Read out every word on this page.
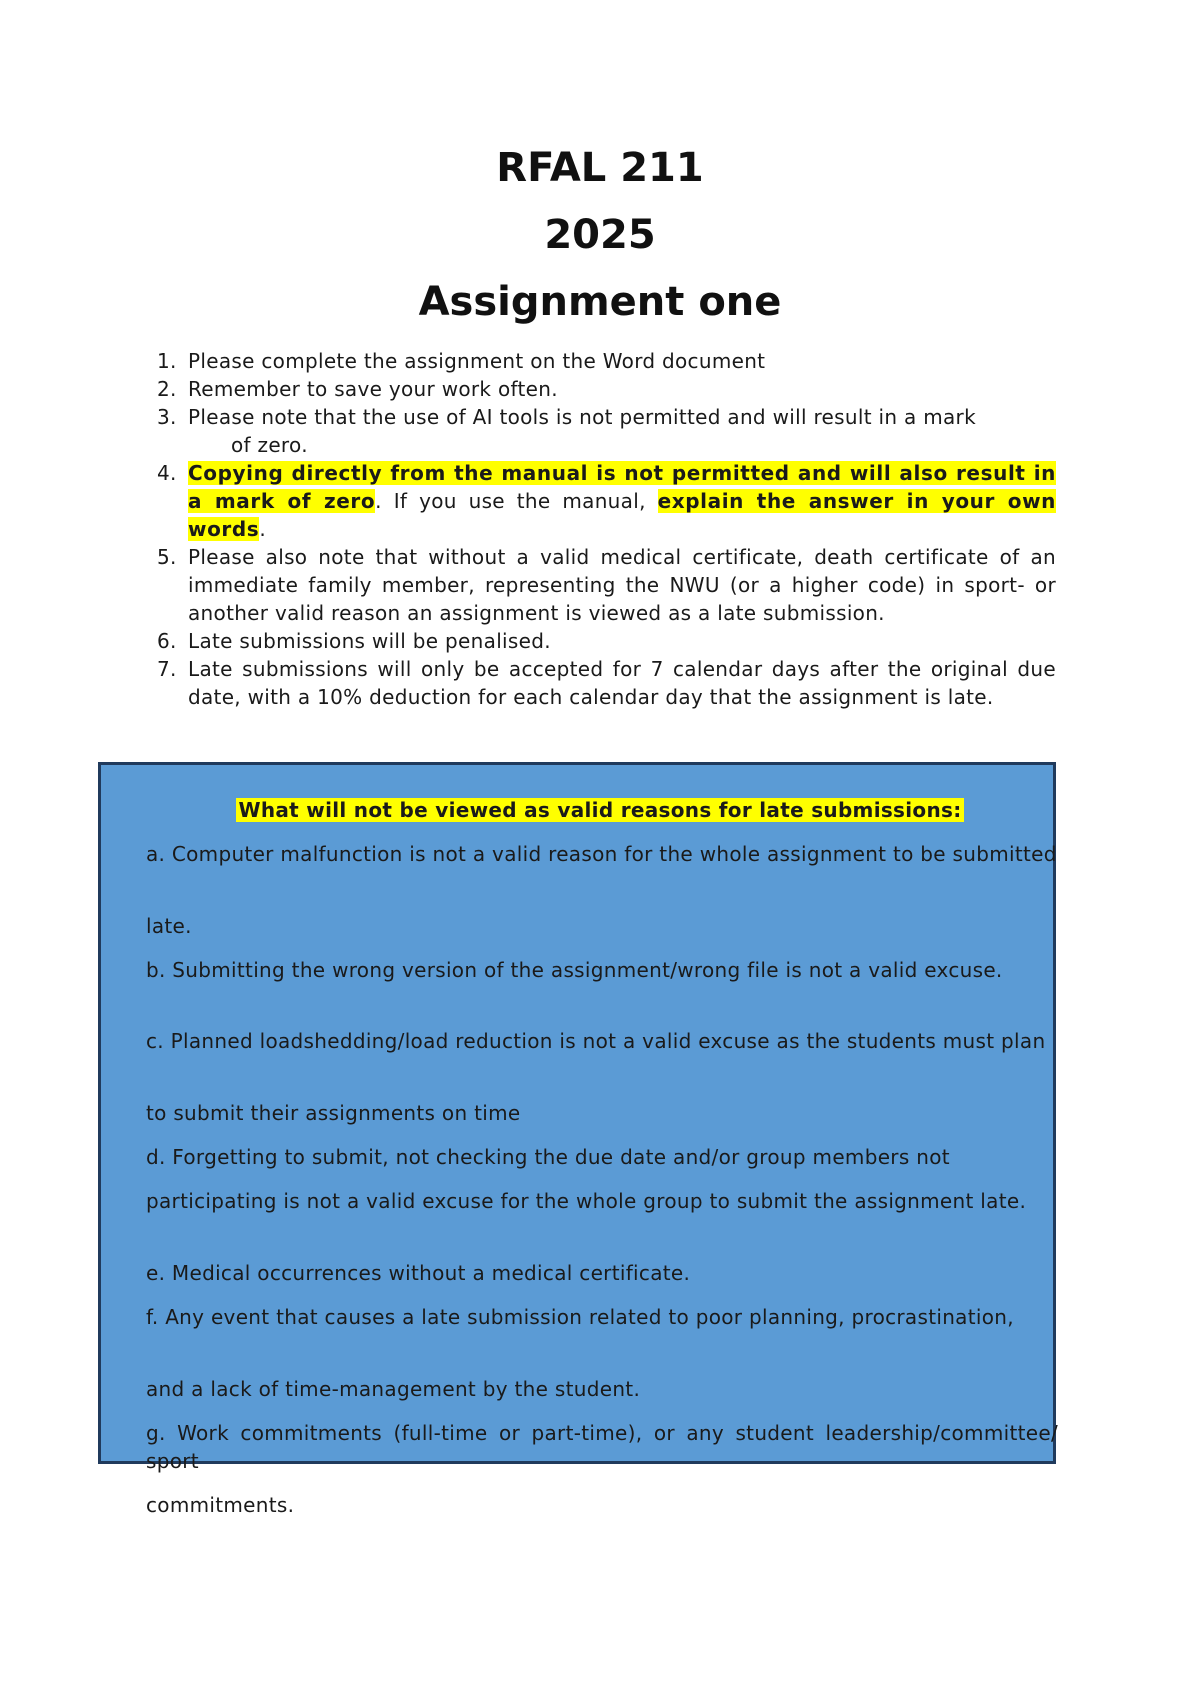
RFAL 211
2025
Assignment one
1. Please complete the assignment on the Word document
2. Remember to save your work often.
3. Please note that the use of AI tools is not permitted and will result in a mark
of zero.
4. Copying directly from the manual is not permitted and will also result in a mark of zero. If you use the manual, explain the answer in your own words.
5. Please also note that without a valid medical certificate, death certificate of an immediate family member, representing the NWU (or a higher code) in sport- or another valid reason an assignment is viewed as a late submission.
6. Late submissions will be penalised.
7. Late submissions will only be accepted for 7 calendar days after the original due date, with a 10% deduction for each calendar day that the assignment is late.
What will not be viewed as valid reasons for late submissions:

a. Computer malfunction is not a valid reason for the whole assignment to be submitted

late.

b. Submitting the wrong version of the assignment/wrong file is not a valid excuse.

c. Planned loadshedding/load reduction is not a valid excuse as the students must plan

to submit their assignments on time

d. Forgetting to submit, not checking the due date and/or group members not

participating is not a valid excuse for the whole group to submit the assignment late.

e. Medical occurrences without a medical certificate.

f. Any event that causes a late submission related to poor planning, procrastination,

and a lack of time-management by the student.

g. Work commitments (full-time or part-time), or any student leadership/committee/ sport

commitments.
